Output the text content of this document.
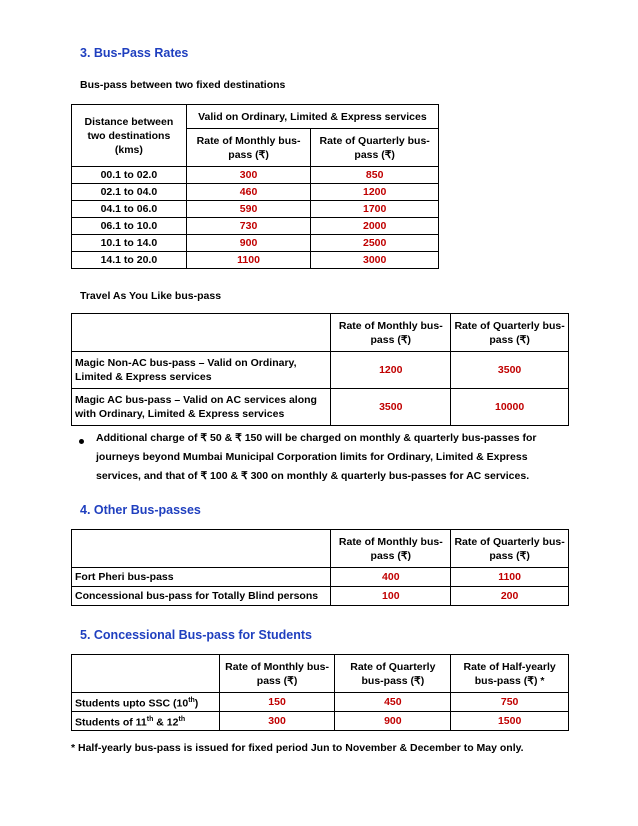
3. Bus-Pass Rates
Bus-pass between two fixed destinations
Distance between two destinations (kms)	Valid on Ordinary, Limited & Express services	
	Rate of Monthly bus-pass (₹)	Rate of Quarterly bus-pass (₹)
00.1 to 02.0	300	850
02.1 to 04.0	460	1200
04.1 to 06.0	590	1700
06.1 to 10.0	730	2000
10.1 to 14.0	900	2500
14.1 to 20.0	1100	3000
Travel As You Like bus-pass
	Rate of Monthly bus-pass (₹)	Rate of Quarterly bus-pass (₹)
Magic Non-AC bus-pass – Valid on Ordinary, Limited & Express services	1200	3500
Magic AC bus-pass – Valid on AC services along with Ordinary, Limited & Express services	3500	10000
Additional charge of ₹ 50 & ₹ 150 will be charged on monthly & quarterly bus-passes for
journeys beyond Mumbai Municipal Corporation limits for Ordinary, Limited & Express
services, and that of ₹ 100 & ₹ 300 on monthly & quarterly bus-passes for AC services.
4. Other Bus-passes
	Rate of Monthly bus-pass (₹)	Rate of Quarterly bus-pass (₹)
Fort Pheri bus-pass	400	1100
Concessional bus-pass for Totally Blind persons	100	200
5. Concessional Bus-pass for Students
	Rate of Monthly bus-pass (₹)	Rate of Quarterly bus-pass (₹)	Rate of Half-yearly bus-pass (₹) *
Students upto SSC (10th)	150	450	750
Students of 11th & 12th	300	900	1500
* Half-yearly bus-pass is issued for fixed period Jun to November & December to May only.
